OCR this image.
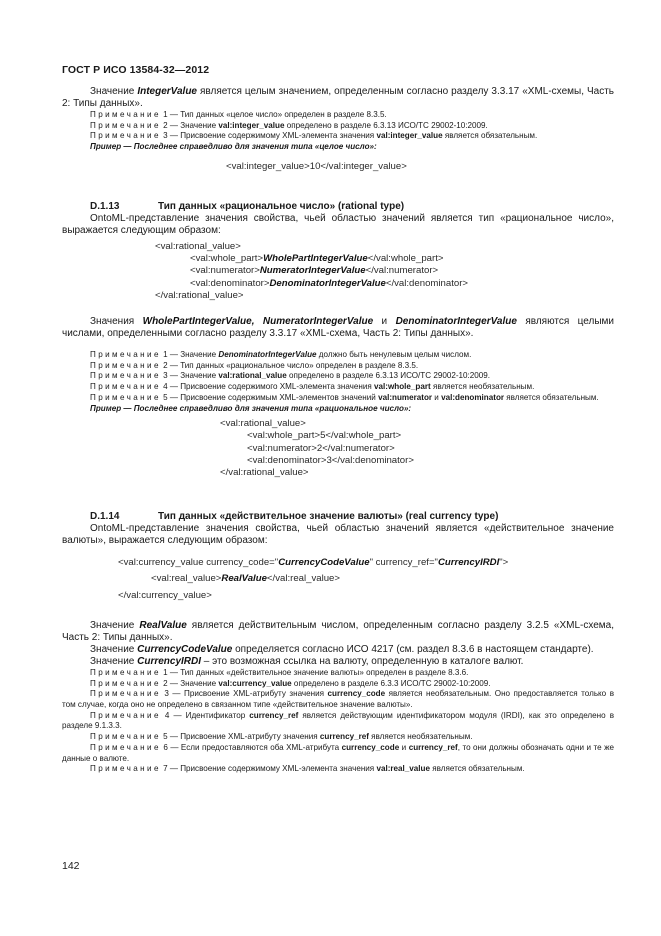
ГОСТ Р ИСО 13584-32—2012

Значение IntegerValue является целым значением, определенным согласно разделу 3.3.17 «XML-схемы, Часть 2: Типы данных».

Примечание 1 — Тип данных «целое число» определен в разделе 8.3.5.

Примечание 2 — Значение val:integer_value определено в разделе 6.3.13 ИСО/ТС 29002-10:2009.

Примечание 3 — Присвоение содержимому XML-элемента значения val:integer_value является обязательным.

Пример — Последнее справедливо для значения типа «целое число»:

<val:integer_value>10</val:integer_value>
D.1.13	Тип данных «рациональное число» (rational type)

OntoML-представление значения свойства, чьей областью значений является тип «рациональное число», выражается следующим образом:

<val:rational_value>
<val:whole_part>WholePartIntegerValue</val:whole_part>
<val:numerator>NumeratorIntegerValue</val:numerator>
<val:denominator>DenominatorIntegerValue</val:denominator>
</val:rational_value>

Значения WholePartIntegerValue, NumeratorIntegerValue и DenominatorIntegerValue являются целыми числами, определенными согласно разделу 3.3.17 «XML-схема, Часть 2: Типы данных».

Примечание 1 — Значение DenominatorIntegerValue должно быть ненулевым целым числом.

Примечание 2 — Тип данных «рациональное число» определен в разделе 8.3.5.

Примечание 3 — Значение val:rational_value определено в разделе 6.3.13 ИСО/ТС 29002-10:2009.

Примечание 4 — Присвоение содержимого XML-элемента значения val:whole_part является необязательным.

Примечание 5 — Присвоение содержимым XML-элементов значений val:numerator и val:denominator является обязательным.

Пример — Последнее справедливо для значения типа «рациональное число»:

<val:rational_value>
<val:whole_part>5</val:whole_part>
<val:numerator>2</val:numerator>
<val:denominator>3</val:denominator>
</val:rational_value>
D.1.14	Тип данных «действительное значение валюты» (real currency type)

OntoML-представление значения свойства, чьей областью значений является «действительное значение валюты», выражается следующим образом:

<val:currency_value currency_code="CurrencyCodeValue" currency_ref="CurrencyIRDI">
<val:real_value>RealValue</val:real_value>
</val:currency_value>

Значение RealValue является действительным числом, определенным согласно разделу 3.2.5 «XML-схема, Часть 2: Типы данных».

Значение CurrencyCodeValue определяется согласно ИСО 4217 (см. раздел 8.3.6 в настоящем стандарте).

Значение CurrencyIRDI – это возможная ссылка на валюту, определенную в каталоге валют.

Примечание 1 — Тип данных «действительное значение валюты» определен в разделе 8.3.6.

Примечание 2 — Значение val:currency_value определено в разделе 6.3.3 ИСО/ТС 29002-10:2009.

Примечание 3 — Присвоение XML-атрибуту значения currency_code является необязательным. Оно предоставляется только в том случае, когда оно не определено в связанном типе «действительное значение валюты».

Примечание 4 — Идентификатор currency_ref является действующим идентификатором модуля (IRDI), как это определено в разделе 9.1.3.3.

Примечание 5 — Присвоение XML-атрибуту значения currency_ref является необязательным.

Примечание 6 — Если предоставляются оба XML-атрибута currency_code и currency_ref, то они должны обозначать одни и те же данные о валюте.

Примечание 7 — Присвоение содержимому XML-элемента значения val:real_value является обязательным.

142
